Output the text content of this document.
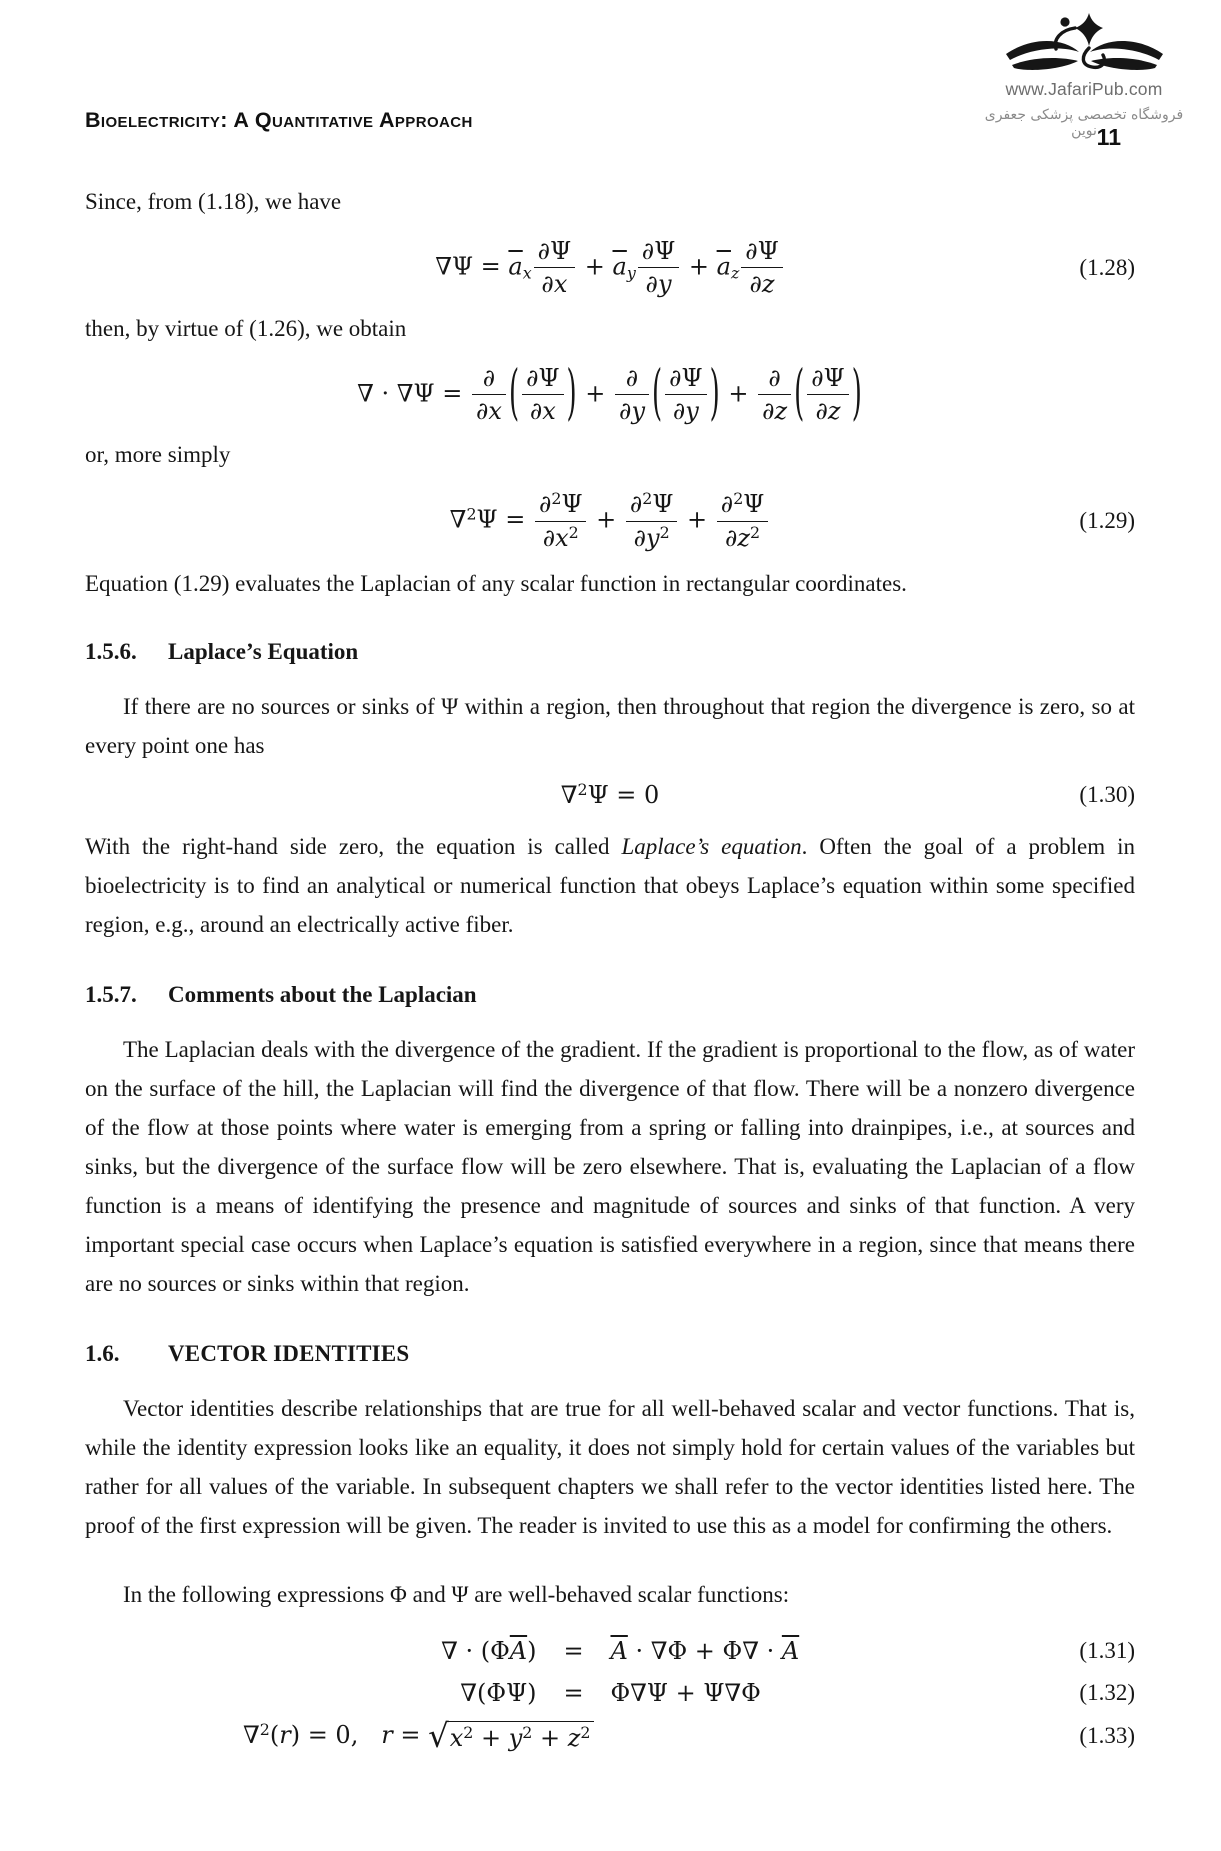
www.JafariPub.com
فروشگاه تخصصی پزشکی جعفری نوین 11
Bioelectricity: A Quantitative Approach

Since, from (1.18), we have

$\nabla\Psi = \overline{a}_x \frac{\partial\Psi}{\partial x} + \overline{a}_y \frac{\partial\Psi}{\partial y} + \overline{a}_z \frac{\partial\Psi}{\partial z}$	(1.28)

then, by virtue of (1.26), we obtain

∇ · ∇Ψ =
∂
∂x ( $\frac{\partial\Psi}{\partial x}$ ) +
∂
∂y ( $\frac{\partial\Psi}{\partial y}$ ) +
∂
∂z ( $\frac{\partial\Psi}{\partial z}$ )

or, more simply

$\nabla^2\Psi = \frac{\partial^2\Psi}{\partial x^2} + \frac{\partial^2\Psi}{\partial y^2} + \frac{\partial^2\Psi}{\partial z^2}$	(1.29)

Equation (1.29) evaluates the Laplacian of any scalar function in rectangular coordinates.

1.5.6. Laplace’s Equation

If there are no sources or sinks of Ψ within a region, then throughout that region the divergence is zero, so at every point one has

∇$^2$Ψ = 0	(1.30)

With the right-hand side zero, the equation is called Laplace’s equation. Often the goal of a problem in bioelectricity is to find an analytical or numerical function that obeys Laplace’s equation within some specified region, e.g., around an electrically active fiber.

1.5.7. Comments about the Laplacian

The Laplacian deals with the divergence of the gradient. If the gradient is proportional to the flow, as of water on the surface of the hill, the Laplacian will find the divergence of that flow. There will be a nonzero divergence of the flow at those points where water is emerging from a spring or falling into drainpipes, i.e., at sources and sinks, but the divergence of the surface flow will be zero elsewhere. That is, evaluating the Laplacian of a flow function is a means of identifying the presence and magnitude of sources and sinks of that function. A very important special case occurs when Laplace’s equation is satisfied everywhere in a region, since that means there are no sources or sinks within that region.

1.6. VECTOR IDENTITIES

Vector identities describe relationships that are true for all well-behaved scalar and vector functions. That is, while the identity expression looks like an equality, it does not simply hold for certain values of the variables but rather for all values of the variable. In subsequent chapters we shall refer to the vector identities listed here. The proof of the first expression will be given. The reader is invited to use this as a model for confirming the others.

In the following expressions Φ and Ψ are well-behaved scalar functions:

∇ · $(\Phi\overline{A})$	=	$\overline{A} \cdot \nabla\Phi + \Phi\nabla \cdot \overline{A}$	(1.31)
∇(ΦΨ)	=	Φ∇Ψ + Ψ∇Φ	(1.32)
∇$^2$(r) = 0,   r = √ $x^2 + y^2 + z^2$			(1.33)
